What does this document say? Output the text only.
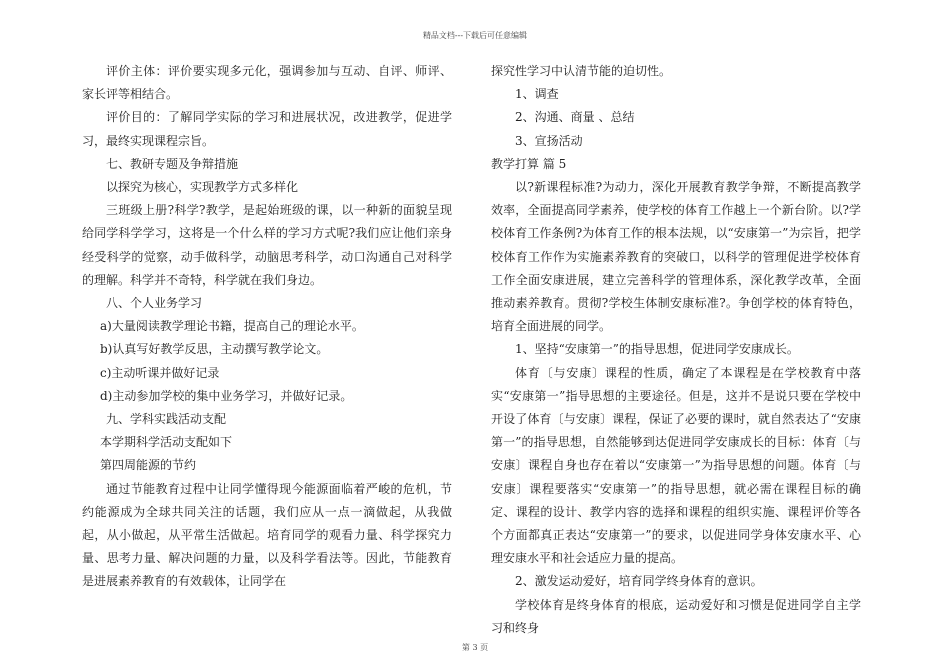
精品文档---下载后可任意编辑

评价主体：评价要实现多元化，强调参加与互动、自评、师评、家长评等相结合。

评价目的：了解同学实际的学习和进展状况，改进教学，促进学习，最终实现课程宗旨。

七、教研专题及争辩措施

以探究为核心，实现教学方式多样化

三班级上册?科学?教学，是起始班级的课，以一种新的面貌呈现给同学科学学习，这将是一个什么样的学习方式呢?我们应让他们亲身经受科学的觉察，动手做科学，动脑思考科学，动口沟通自己对科学的理解。科学并不奇特，科学就在我们身边。

八、个人业务学习

a)大量阅读教学理论书籍，提高自己的理论水平。

b)认真写好教学反思，主动撰写教学论文。

c)主动听课并做好记录

d)主动参加学校的集中业务学习，并做好记录。

九、学科实践活动支配

本学期科学活动支配如下

第四周能源的节约

通过节能教育过程中让同学懂得现今能源面临着严峻的危机，节约能源成为全球共同关注的话题，我们应从一点一滴做起，从我做起，从小做起，从平常生活做起。培育同学的观看力量、科学探究力量、思考力量、解决问题的力量，以及科学看法等。因此，节能教育是进展素养教育的有效载体，让同学在

探究性学习中认清节能的迫切性。

1、调查

2、沟通、商量 、总结

3、宣扬活动

教学打算 篇 5

以?新课程标准?为动力，深化开展教育教学争辩，不断提高教学效率，全面提高同学素养，使学校的体育工作越上一个新台阶。以?学校体育工作条例?为体育工作的根本法规，以“安康第一”为宗旨，把学校体育工作作为实施素养教育的突破口，以科学的管理促进学校体育工作全面安康进展，建立完善科学的管理体系，深化教学改革，全面推动素养教育。贯彻?学校生体制安康标准?。争创学校的体育特色，培育全面进展的同学。

1、坚持“安康第一”的指导思想，促进同学安康成长。

体育〔与安康〕课程的性质，确定了本课程是在学校教育中落实“安康第一”指导思想的主要途径。但是，这并不是说只要在学校中开设了体育〔与安康〕课程，保证了必要的课时，就自然表达了“安康第一”的指导思想，自然能够到达促进同学安康成长的目标：体育〔与安康〕课程自身也存在着以“安康第一”为指导思想的问题。体育〔与安康〕课程要落实“安康第一”的指导思想，就必需在课程目标的确定、课程的设计、教学内容的选择和课程的组织实施、课程评价等各个方面都真正表达“安康第一”的要求，以促进同学身体安康水平、心理安康水平和社会适应力量的提高。

2、激发运动爱好，培育同学终身体育的意识。

学校体育是终身体育的根底，运动爱好和习惯是促进同学自主学习和终身

第 3 页
